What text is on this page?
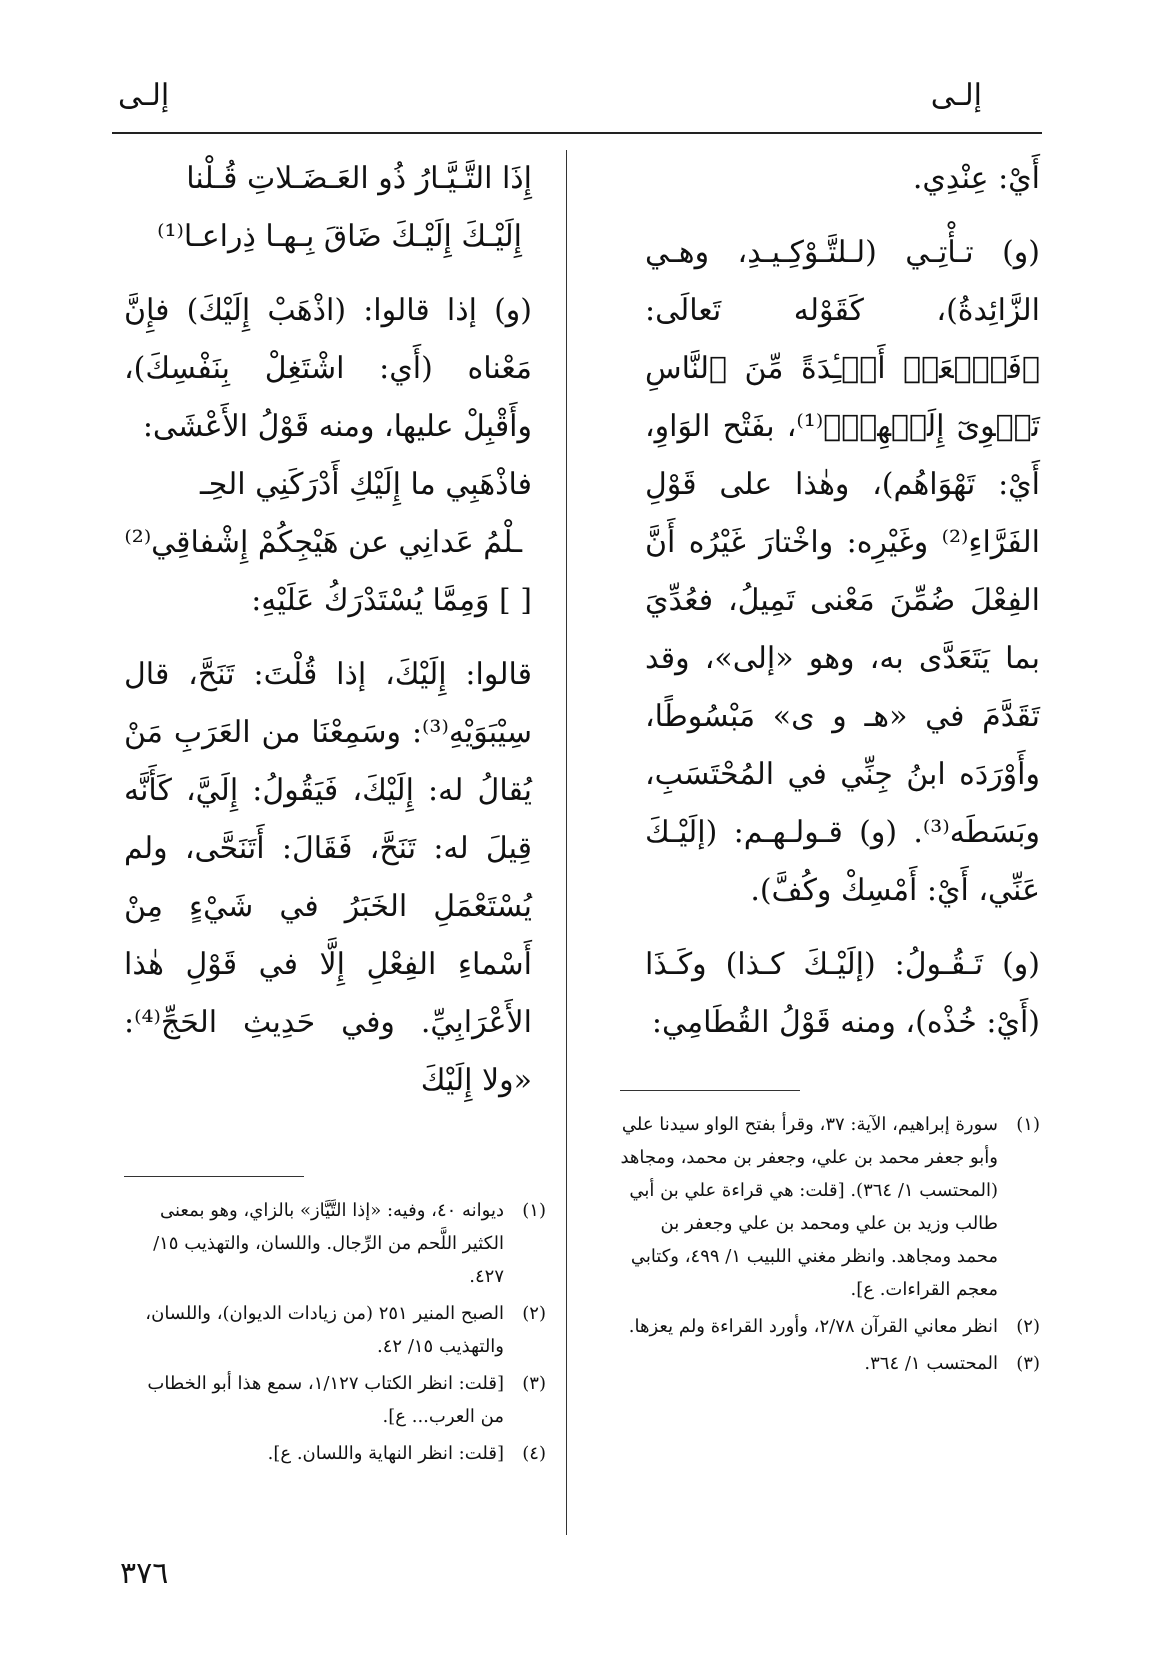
إلـى
إلـى

أَيْ: عِنْدِي.

(و) تـأْتِـي (لـلتَّـوْكِـيـدِ، وهـي الزَّائِدةُ)، كَقَوْله تَعالَى: ﴿فَٱجۡعَلۡ أَفۡـِٔدَةً مِّنَ ٱلنَّاسِ تَهۡوِىٓ إِلَيۡهِمۡ﴾⁽¹⁾، بفَتْح الوَاوِ، أَيْ: تَهْوَاهُم)، وهٰذا على قَوْلِ الفَرَّاءِ⁽²⁾ وغَيْرِه: واخْتارَ غَيْرُه أَنَّ الفِعْلَ ضُمِّنَ مَعْنى تَمِيلُ، فعُدِّيَ بما يَتَعَدَّى به، وهو «إلى»، وقد تَقَدَّمَ في «هـ و ى» مَبْسُوطًا، وأَوْرَدَه ابنُ جِنِّي في المُحْتَسَبِ، وبَسَطَه⁽³⁾. (و) قـولـهـم: (إلَيْـكَ عَنِّي، أَيْ: أَمْسِكْ وكُفَّ).

(و) تَـقُـولُ: (إلَيْـكَ كـذا) وكَـذَا (أَيْ: خُذْه)، ومنه قَوْلُ القُطَامِي:

إِذَا التَّـيَّـارُ ذُو العَـضَـلاتِ قُـلْنا

إِلَيْـكَ إِلَيْـكَ ضَاقَ بِـهـا ذِراعـا⁽¹⁾

(و) إذا قالوا: (اذْهَبْ إِلَيْكَ) فإِنَّ مَعْناه (أَي: اشْتَغِلْ بِنَفْسِكَ)، وأَقْبِلْ عليها، ومنه قَوْلُ الأَعْشَى:

فاذْهَبِي ما إِلَيْكِ أَدْرَكَنِي الحِـ

ـلْمُ عَدانِي عن هَيْجِكُمْ إِشْفاقِي⁽²⁾

[ ] وَمِمَّا يُسْتَدْرَكُ عَلَيْهِ:

قالوا: إِلَيْكَ، إذا قُلْتَ: تَنَحَّ، قال سِيْبَوَيْهِ⁽³⁾: وسَمِعْنَا من العَرَبِ مَنْ يُقالُ له: إِلَيْكَ، فَيَقُولُ: إِلَيَّ، كَأَنَّه قِيلَ له: تَنَحَّ، فَقَالَ: أَتَنَحَّى، ولم يُسْتَعْمَلِ الخَبَرُ في شَيْءٍ مِنْ أَسْماءِ الفِعْلِ إِلَّا في قَوْلِ هٰذا الأَعْرَابِيِّ. وفي حَدِيثِ الحَجِّ⁽⁴⁾: «ولا إِلَيْكَ

(١)
سورة إبراهيم، الآية: ٣٧، وقرأ بفتح الواو سيدنا علي وأبو جعفر محمد بن علي، وجعفر بن محمد، ومجاهد (المحتسب ١/ ٣٦٤). [قلت: هي قراءة علي بن أبي طالب وزيد بن علي ومحمد بن علي وجعفر بن محمد ومجاهد. وانظر مغني اللبيب ١/ ٤٩٩، وكتابي معجم القراءات. ع].
(٢)
انظر معاني القرآن ٢/٧٨، وأورد القراءة ولم يعزها.
(٣)
المحتسب ١/ ٣٦٤.
(١)
ديوانه ٤٠، وفيه: «إذا التَّيَّاز» بالزاي، وهو بمعنى الكثير اللَّحم من الرِّجال. واللسان، والتهذيب ١٥/ ٤٢٧.
(٢)
الصبح المنير ٢٥١ (من زيادات الديوان)، واللسان، والتهذيب ١٥/ ٤٢.
(٣)
[قلت: انظر الكتاب ١/١٢٧، سمع هذا أبو الخطاب من العرب... ع].
(٤)
[قلت: انظر النهاية واللسان. ع].
٣٧٦
